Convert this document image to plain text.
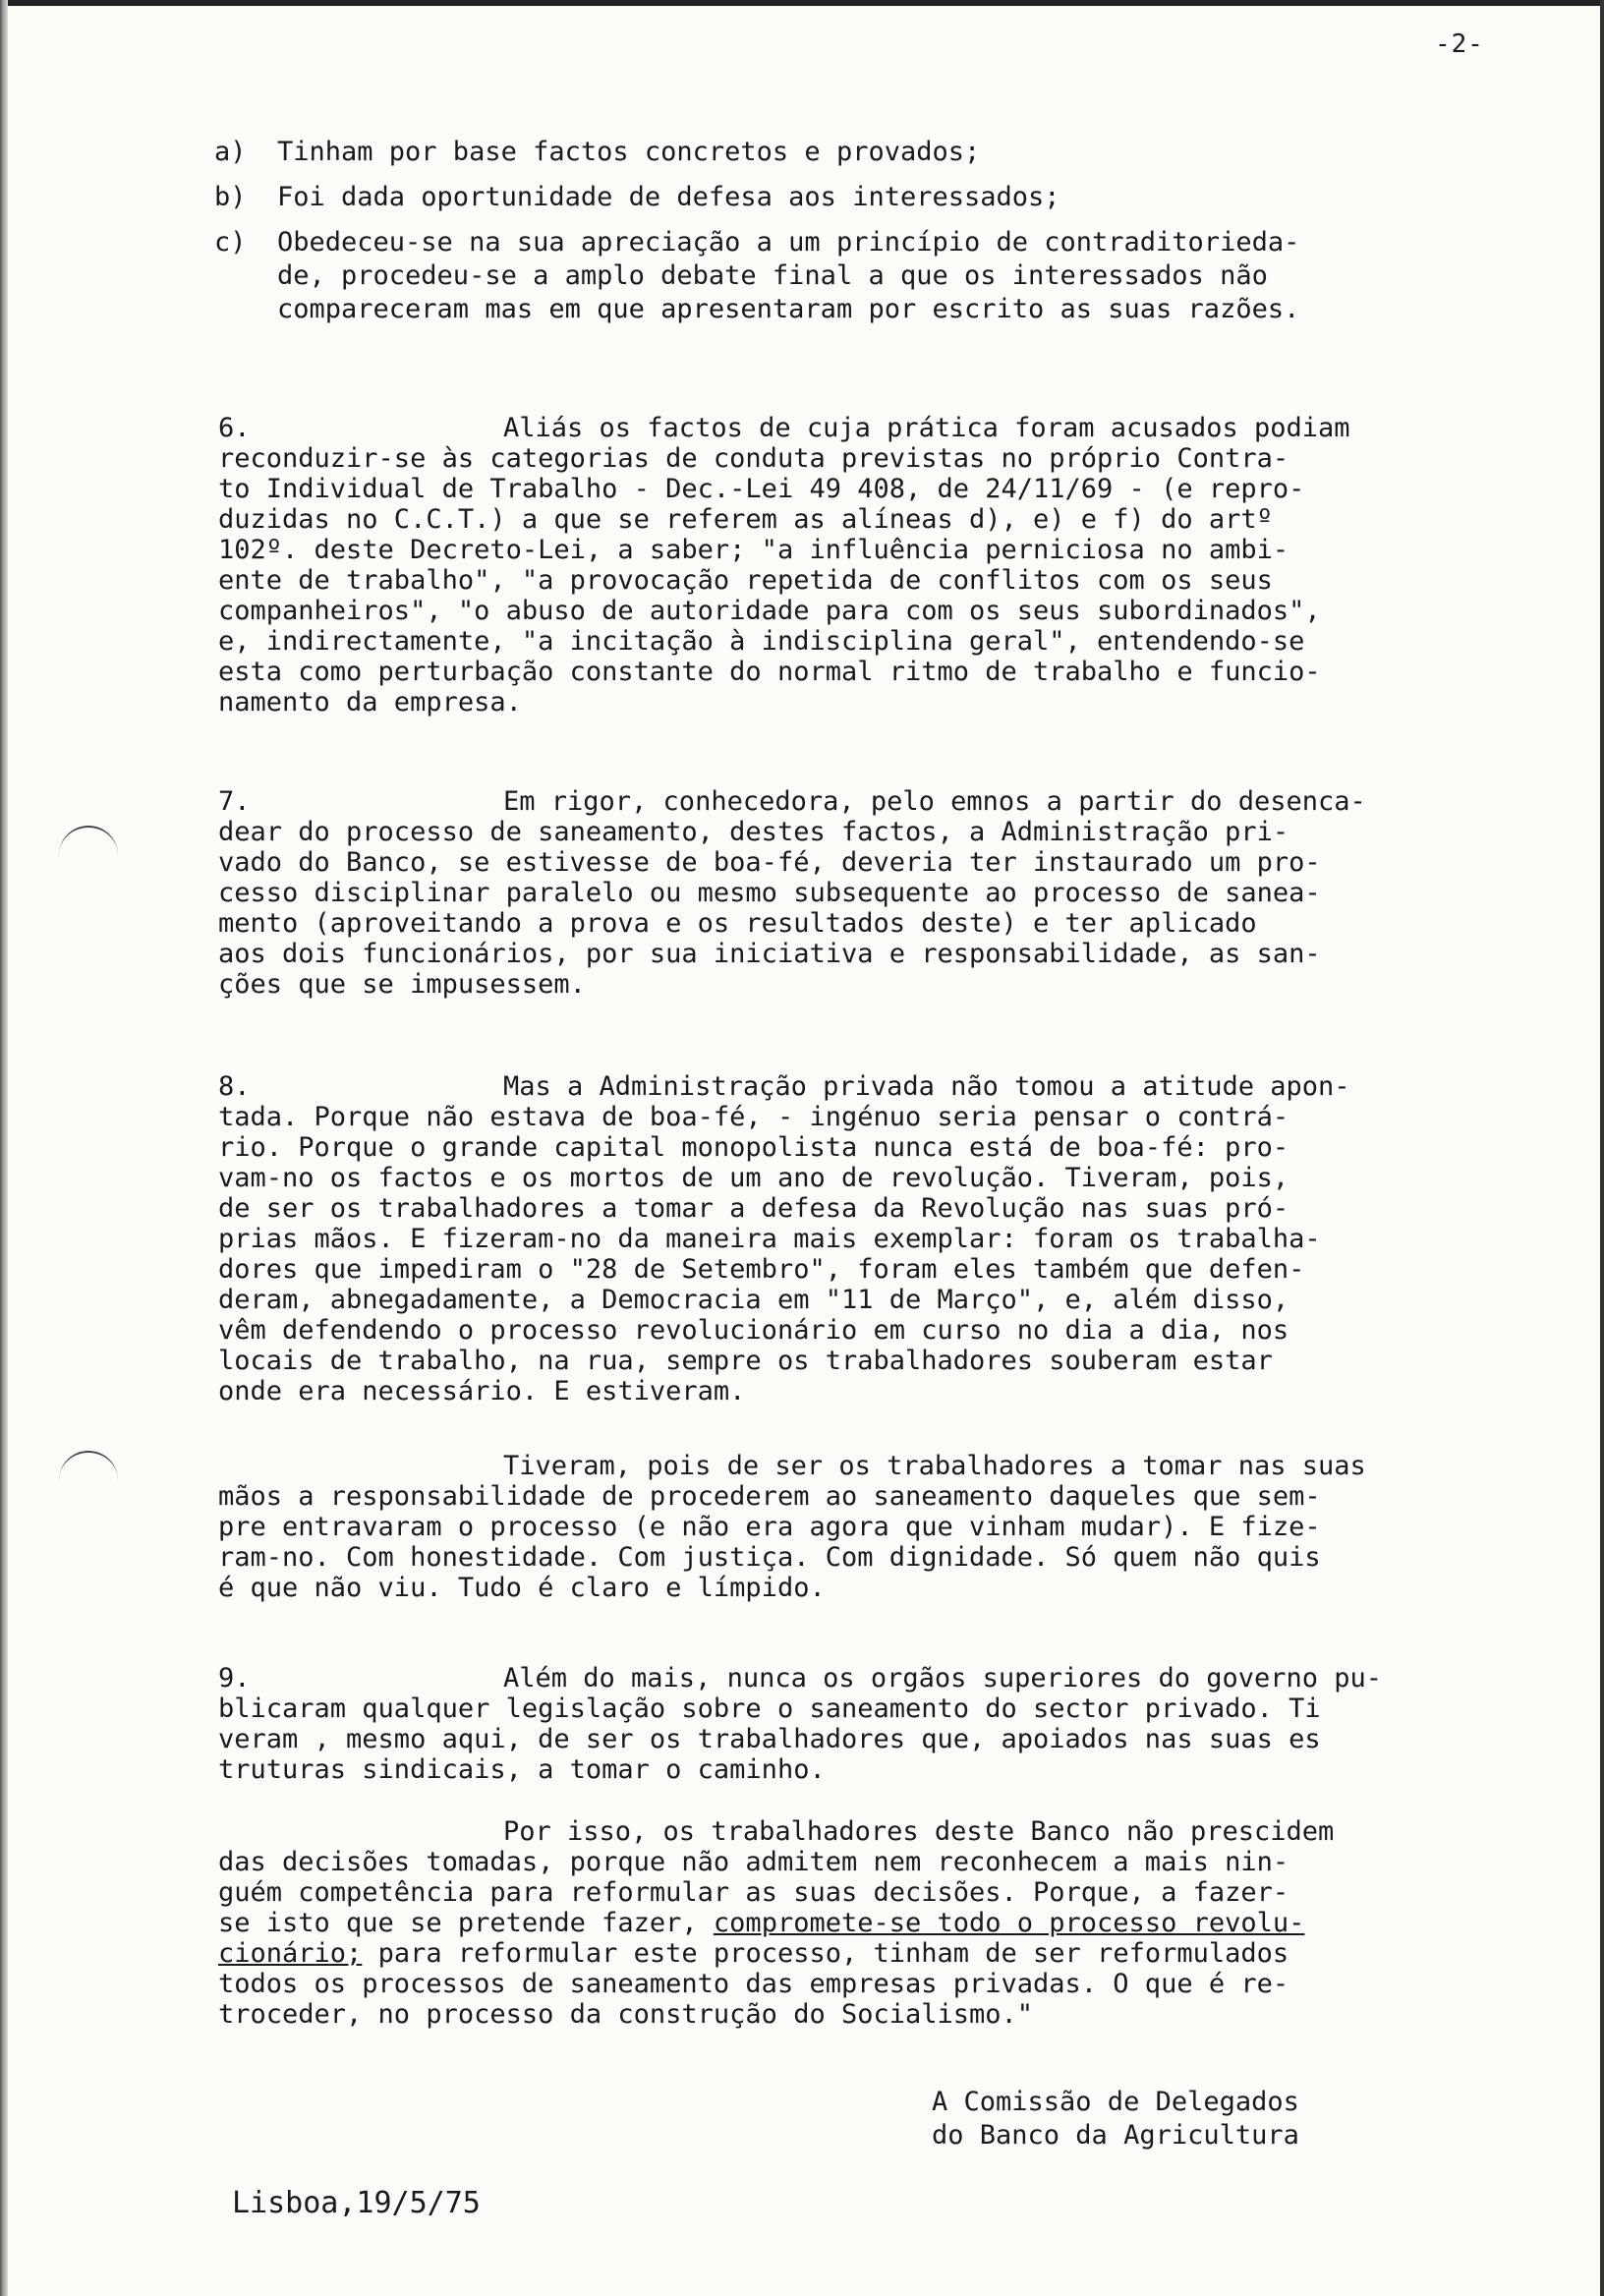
-2-
a)	Tinham por base factos concretos e provados;
b)	Foi dada oportunidade de defesa aos interessados;
c)	Obedeceu-se na sua apreciação a um princípio de contraditorieda-
de, procedeu-se a amplo debate final a que os interessados não
compareceram mas em que apresentaram por escrito as suas razões.
6.	Aliás os factos de cuja prática foram acusados podiam
reconduzir-se às categorias de conduta previstas no próprio Contra-
to Individual de Trabalho - Dec.-Lei 49 408, de 24/11/69 - (e repro-
duzidas no C.C.T.) a que se referem as alíneas d), e) e f) do artº
102º. deste Decreto-Lei, a saber; "a influência perniciosa no ambi-
ente de trabalho", "a provocação repetida de conflitos com os seus
companheiros", "o abuso de autoridade para com os seus subordinados",
e, indirectamente, "a incitação à indisciplina geral", entendendo-se
esta como perturbação constante do normal ritmo de trabalho e funcio-
namento da empresa.
7.	Em rigor, conhecedora, pelo emnos a partir do desenca-
dear do processo de saneamento, destes factos, a Administração pri-
vado do Banco, se estivesse de boa-fé, deveria ter instaurado um pro-
cesso disciplinar paralelo ou mesmo subsequente ao processo de sanea-
mento (aproveitando a prova e os resultados deste) e ter aplicado
aos dois funcionários, por sua iniciativa e responsabilidade, as san-
ções que se impusessem.
8.	Mas a Administração privada não tomou a atitude apon-
tada. Porque não estava de boa-fé, - ingénuo seria pensar o contrá-
rio. Porque o grande capital monopolista nunca está de boa-fé: pro-
vam-no os factos e os mortos de um ano de revolução. Tiveram, pois,
de ser os trabalhadores a tomar a defesa da Revolução nas suas pró-
prias mãos. E fizeram-no da maneira mais exemplar: foram os trabalha-
dores que impediram o "28 de Setembro", foram eles também que defen-
deram, abnegadamente, a Democracia em "11 de Março", e, além disso,
vêm defendendo o processo revolucionário em curso no dia a dia, nos
locais de trabalho, na rua, sempre os trabalhadores souberam estar
onde era necessário. E estiveram.
Tiveram, pois de ser os trabalhadores a tomar nas suas
mãos a responsabilidade de procederem ao saneamento daqueles que sem-
pre entravaram o processo (e não era agora que vinham mudar). E fize-
ram-no. Com honestidade. Com justiça. Com dignidade. Só quem não quis
é que não viu. Tudo é claro e límpido.
9.	Além do mais, nunca os orgãos superiores do governo pu-
blicaram qualquer legislação sobre o saneamento do sector privado. Ti
veram , mesmo aqui, de ser os trabalhadores que, apoiados nas suas es
truturas sindicais, a tomar o caminho.
Por isso, os trabalhadores deste Banco não prescidem
das decisões tomadas, porque não admitem nem reconhecem a mais nin-
guém competência para reformular as suas decisões. Porque, a fazer-
se isto que se pretende fazer, compromete-se todo o processo revolu-
cionário; para reformular este processo, tinham de ser reformulados
todos os processos de saneamento das empresas privadas. O que é re-
troceder, no processo da construção do Socialismo."
A Comissão de Delegados
do Banco da Agricultura
Lisboa,19/5/75
